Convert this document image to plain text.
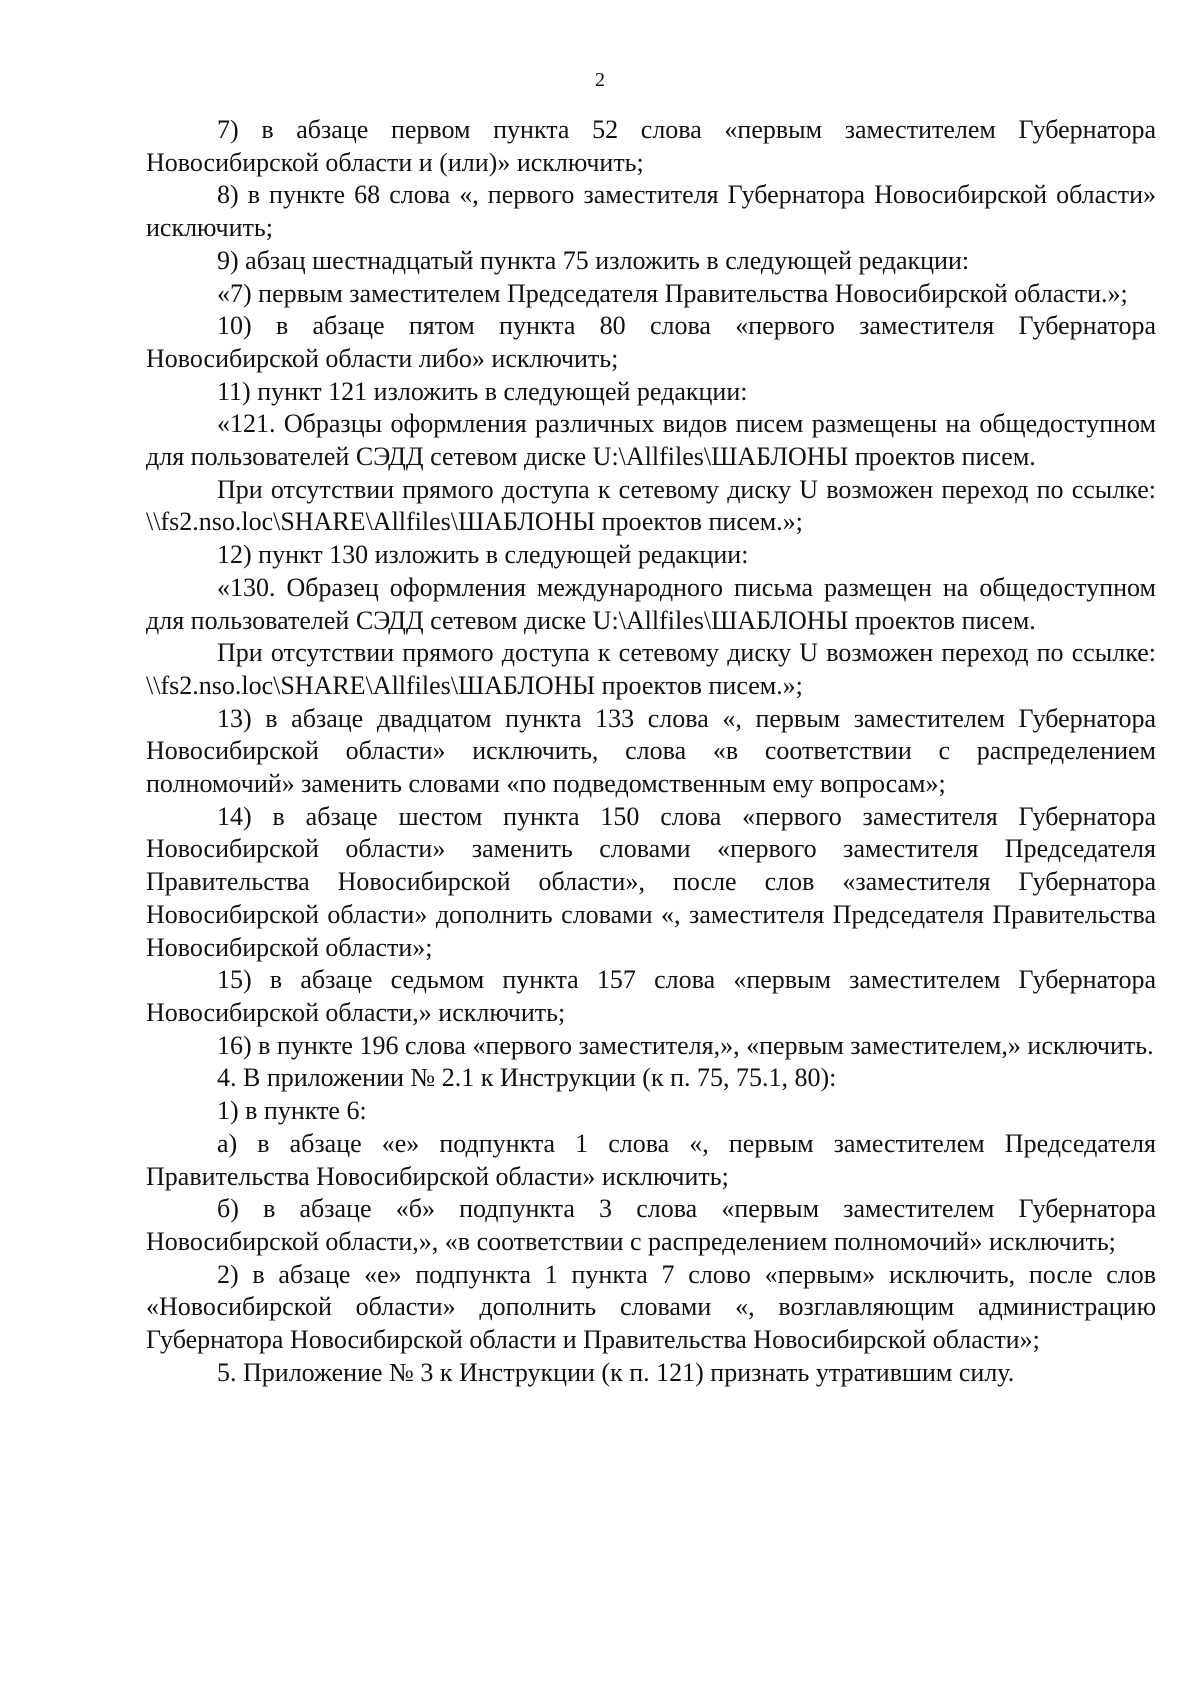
2

7) в абзаце первом пункта 52 слова «первым заместителем Губернатора Новосибирской области и (или)» исключить;

8) в пункте 68 слова «, первого заместителя Губернатора Новосибирской области» исключить;

9) абзац шестнадцатый пункта 75 изложить в следующей редакции:

«7) первым заместителем Председателя Правительства Новосибирской области.»;

10) в абзаце пятом пункта 80 слова «первого заместителя Губернатора Новосибирской области либо» исключить;

11) пункт 121 изложить в следующей редакции:

«121. Образцы оформления различных видов писем размещены на общедоступном для пользователей СЭДД сетевом диске U:\Allfiles\ШАБЛОНЫ проектов писем.

При отсутствии прямого доступа к сетевому диску U возможен переход по ссылке: \\fs2.nso.loc\SHARE\Allfiles\ШАБЛОНЫ проектов писем.»;

12) пункт 130 изложить в следующей редакции:

«130. Образец оформления международного письма размещен на общедоступном для пользователей СЭДД сетевом диске U:\Allfiles\ШАБЛОНЫ проектов писем.

При отсутствии прямого доступа к сетевому диску U возможен переход по ссылке: \\fs2.nso.loc\SHARE\Allfiles\ШАБЛОНЫ проектов писем.»;

13) в абзаце двадцатом пункта 133 слова «, первым заместителем Губернатора Новосибирской области» исключить, слова «в соответствии с распределением полномочий» заменить словами «по подведомственным ему вопросам»;

14) в абзаце шестом пункта 150 слова «первого заместителя Губернатора Новосибирской области» заменить словами «первого заместителя Председателя Правительства Новосибирской области», после слов «заместителя Губернатора Новосибирской области» дополнить словами «, заместителя Председателя Правительства Новосибирской области»;

15) в абзаце седьмом пункта 157 слова «первым заместителем Губернатора Новосибирской области,» исключить;

16) в пункте 196 слова «первого заместителя,», «первым заместителем,» исключить.

4. В приложении № 2.1 к Инструкции (к п. 75, 75.1, 80):

1) в пункте 6:

а) в абзаце «е» подпункта 1 слова «, первым заместителем Председателя Правительства Новосибирской области» исключить;

б) в абзаце «б» подпункта 3 слова «первым заместителем Губернатора Новосибирской области,», «в соответствии с распределением полномочий» исключить;

2) в абзаце «е» подпункта 1 пункта 7 слово «первым» исключить, после слов «Новосибирской области» дополнить словами «, возглавляющим администрацию Губернатора Новосибирской области и Правительства Новосибирской области»;

5. Приложение № 3 к Инструкции (к п. 121) признать утратившим силу.
